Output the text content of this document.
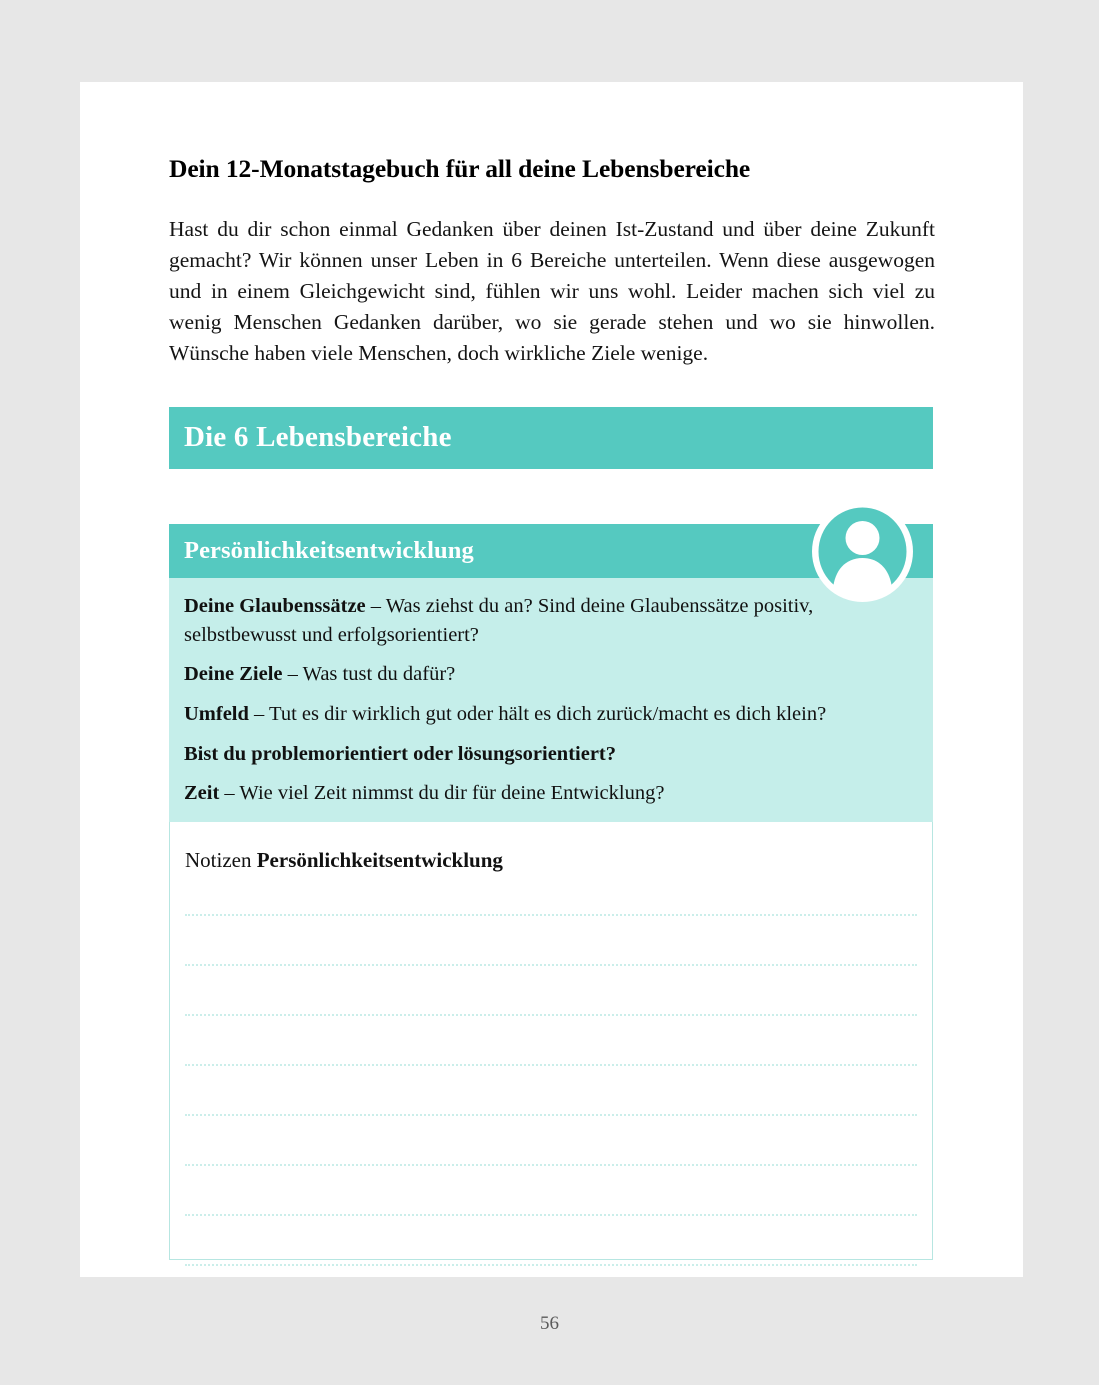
Dein 12-Monatstagebuch für all deine Lebensbereiche

Hast du dir schon einmal Gedanken über deinen Ist-Zustand und über deine Zukunft gemacht? Wir können unser Leben in 6 Bereiche unterteilen. Wenn diese ausgewogen und in einem Gleichgewicht sind, fühlen wir uns wohl. Leider machen sich viel zu wenig Menschen Gedanken darüber, wo sie gerade stehen und wo sie hinwollen. Wünsche haben viele Menschen, doch wirkliche Ziele wenige.

Die 6 Lebensbereiche
Persönlichkeitsentwicklung

Deine Glaubenssätze – Was ziehst du an? Sind deine Glaubenssätze positiv, selbstbewusst und erfolgsorientiert?

Deine Ziele – Was tust du dafür?

Umfeld – Tut es dir wirklich gut oder hält es dich zurück/macht es dich klein?

Bist du problemorientiert oder lösungsorientiert?

Zeit – Wie viel Zeit nimmst du dir für deine Entwicklung?

Notizen Persönlichkeitsentwicklung

56
